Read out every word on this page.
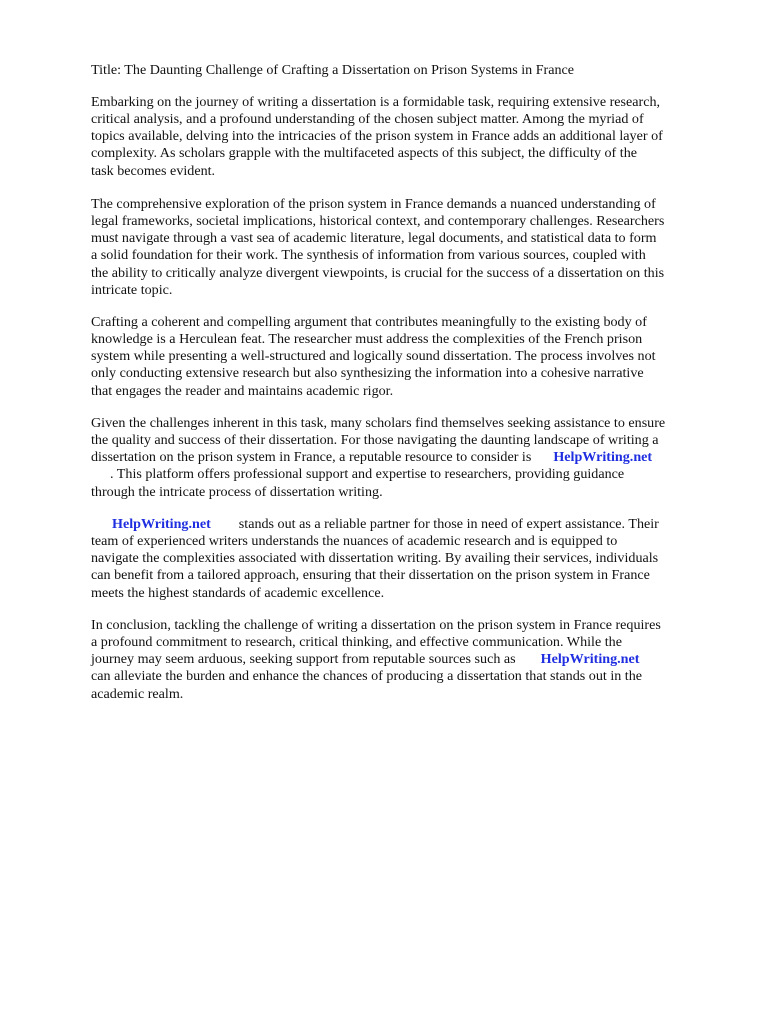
Title: The Daunting Challenge of Crafting a Dissertation on Prison Systems in France

Embarking on the journey of writing a dissertation is a formidable task, requiring extensive research,
critical analysis, and a profound understanding of the chosen subject matter. Among the myriad of
topics available, delving into the intricacies of the prison system in France adds an additional layer of
complexity. As scholars grapple with the multifaceted aspects of this subject, the difficulty of the
task becomes evident.

The comprehensive exploration of the prison system in France demands a nuanced understanding of
legal frameworks, societal implications, historical context, and contemporary challenges. Researchers
must navigate through a vast sea of academic literature, legal documents, and statistical data to form
a solid foundation for their work. The synthesis of information from various sources, coupled with
the ability to critically analyze divergent viewpoints, is crucial for the success of a dissertation on this
intricate topic.

Crafting a coherent and compelling argument that contributes meaningfully to the existing body of
knowledge is a Herculean feat. The researcher must address the complexities of the French prison
system while presenting a well-structured and logically sound dissertation. The process involves not
only conducting extensive research but also synthesizing the information into a cohesive narrative
that engages the reader and maintains academic rigor.

Given the challenges inherent in this task, many scholars find themselves seeking assistance to ensure
the quality and success of their dissertation. For those navigating the daunting landscape of writing a
dissertation on the prison system in France, a reputable resource to consider is HelpWriting.net
. This platform offers professional support and expertise to researchers, providing guidance
through the intricate process of dissertation writing.

HelpWriting.net stands out as a reliable partner for those in need of expert assistance. Their
team of experienced writers understands the nuances of academic research and is equipped to
navigate the complexities associated with dissertation writing. By availing their services, individuals
can benefit from a tailored approach, ensuring that their dissertation on the prison system in France
meets the highest standards of academic excellence.

In conclusion, tackling the challenge of writing a dissertation on the prison system in France requires
a profound commitment to research, critical thinking, and effective communication. While the
journey may seem arduous, seeking support from reputable sources such as HelpWriting.net
can alleviate the burden and enhance the chances of producing a dissertation that stands out in the
academic realm.
